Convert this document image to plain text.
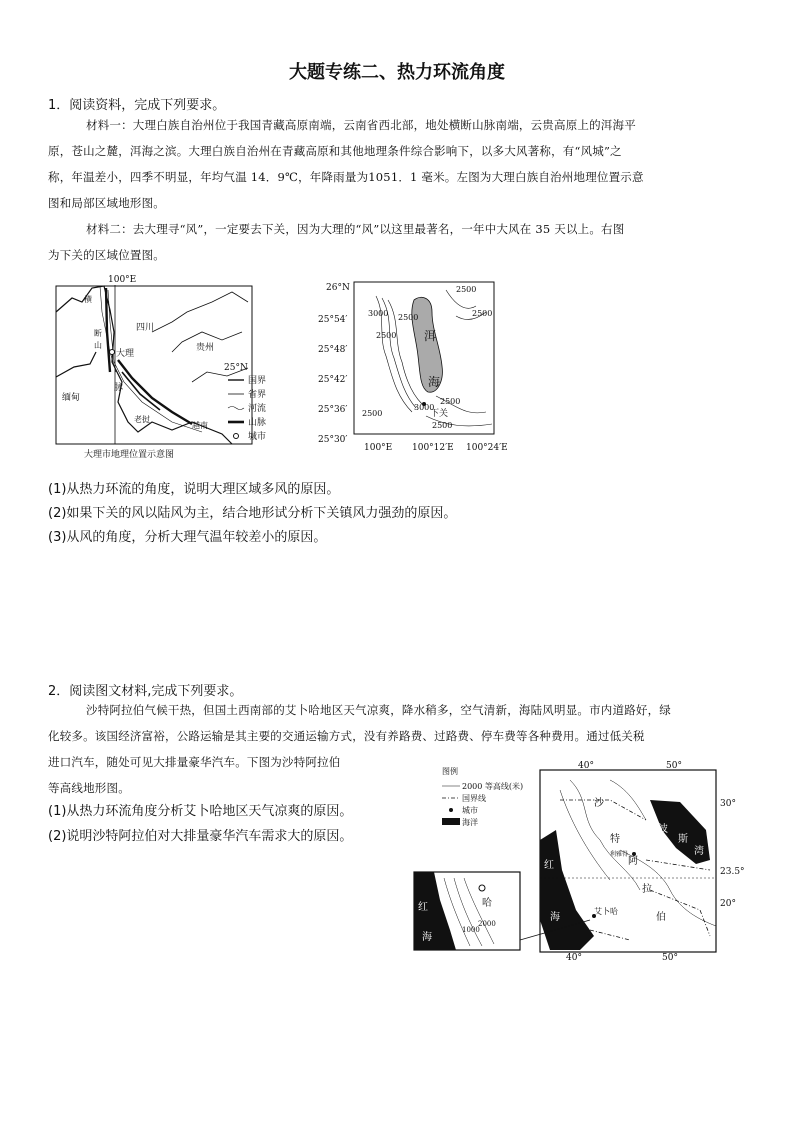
大题专练二、热力环流角度
1．阅读资料，完成下列要求。
材料一：大理白族自治州位于我国青藏高原南端，云南省西北部，地处横断山脉南端，云贵高原上的洱海平
原，苍山之麓，洱海之滨。大理白族自治州在青藏高原和其他地理条件综合影响下，以多大风著称，有“风城”之
称，年温差小，四季不明显，年均气温 14．9℃，年降雨量为1051．1 毫米。左图为大理白族自治州地理位置示意
图和局部区域地形图。
材料二：去大理寻“风”，一定要去下关，因为大理的“风”以这里最著名，一年中大风在 35 天以上。右图
为下关的区域位置图。
100°E
横
断
山
脉
大理
四川
贵州
缅甸
越南
老挝
25°N
国界
省界
河流
山脉
城市
大理市地理位置示意图
26°N
25°54′
25°48′
25°42′
25°36′
25°30′
100°E 100°12′E 100°24′E
洱
海
下关
3000
2500
2500
2500
2500
3000
2500
2500
2500
(1)从热力环流的角度，说明大理区域多风的原因。
(2)如果下关的风以陆风为主，结合地形试分析下关镇风力强劲的原因。
(3)从风的角度，分析大理气温年较差小的原因。
2．阅读图文材料,完成下列要求。
沙特阿拉伯气候干热，但国土西南部的艾卜哈地区天气凉爽，降水稍多，空气清新，海陆风明显。市内道路好，绿
化较多。该国经济富裕，公路运输是其主要的交通运输方式，没有养路费、过路费、停车费等各种费用。通过低关税
进口汽车，随处可见大排量豪华汽车。下图为沙特阿拉伯
等高线地形图。
(1)从热力环流角度分析艾卜哈地区天气凉爽的原因。
(2)说明沙特阿拉伯对大排量豪华汽车需求大的原因。
图例
2000 等高线(米)
国界线
城市
海洋
40°	50°
40°	50°
30°
23.5°
20°
波
斯
湾
红
海
沙
特
阿
拉
伯
利雅得
艾卜哈
红
海
哈
1000
2000
